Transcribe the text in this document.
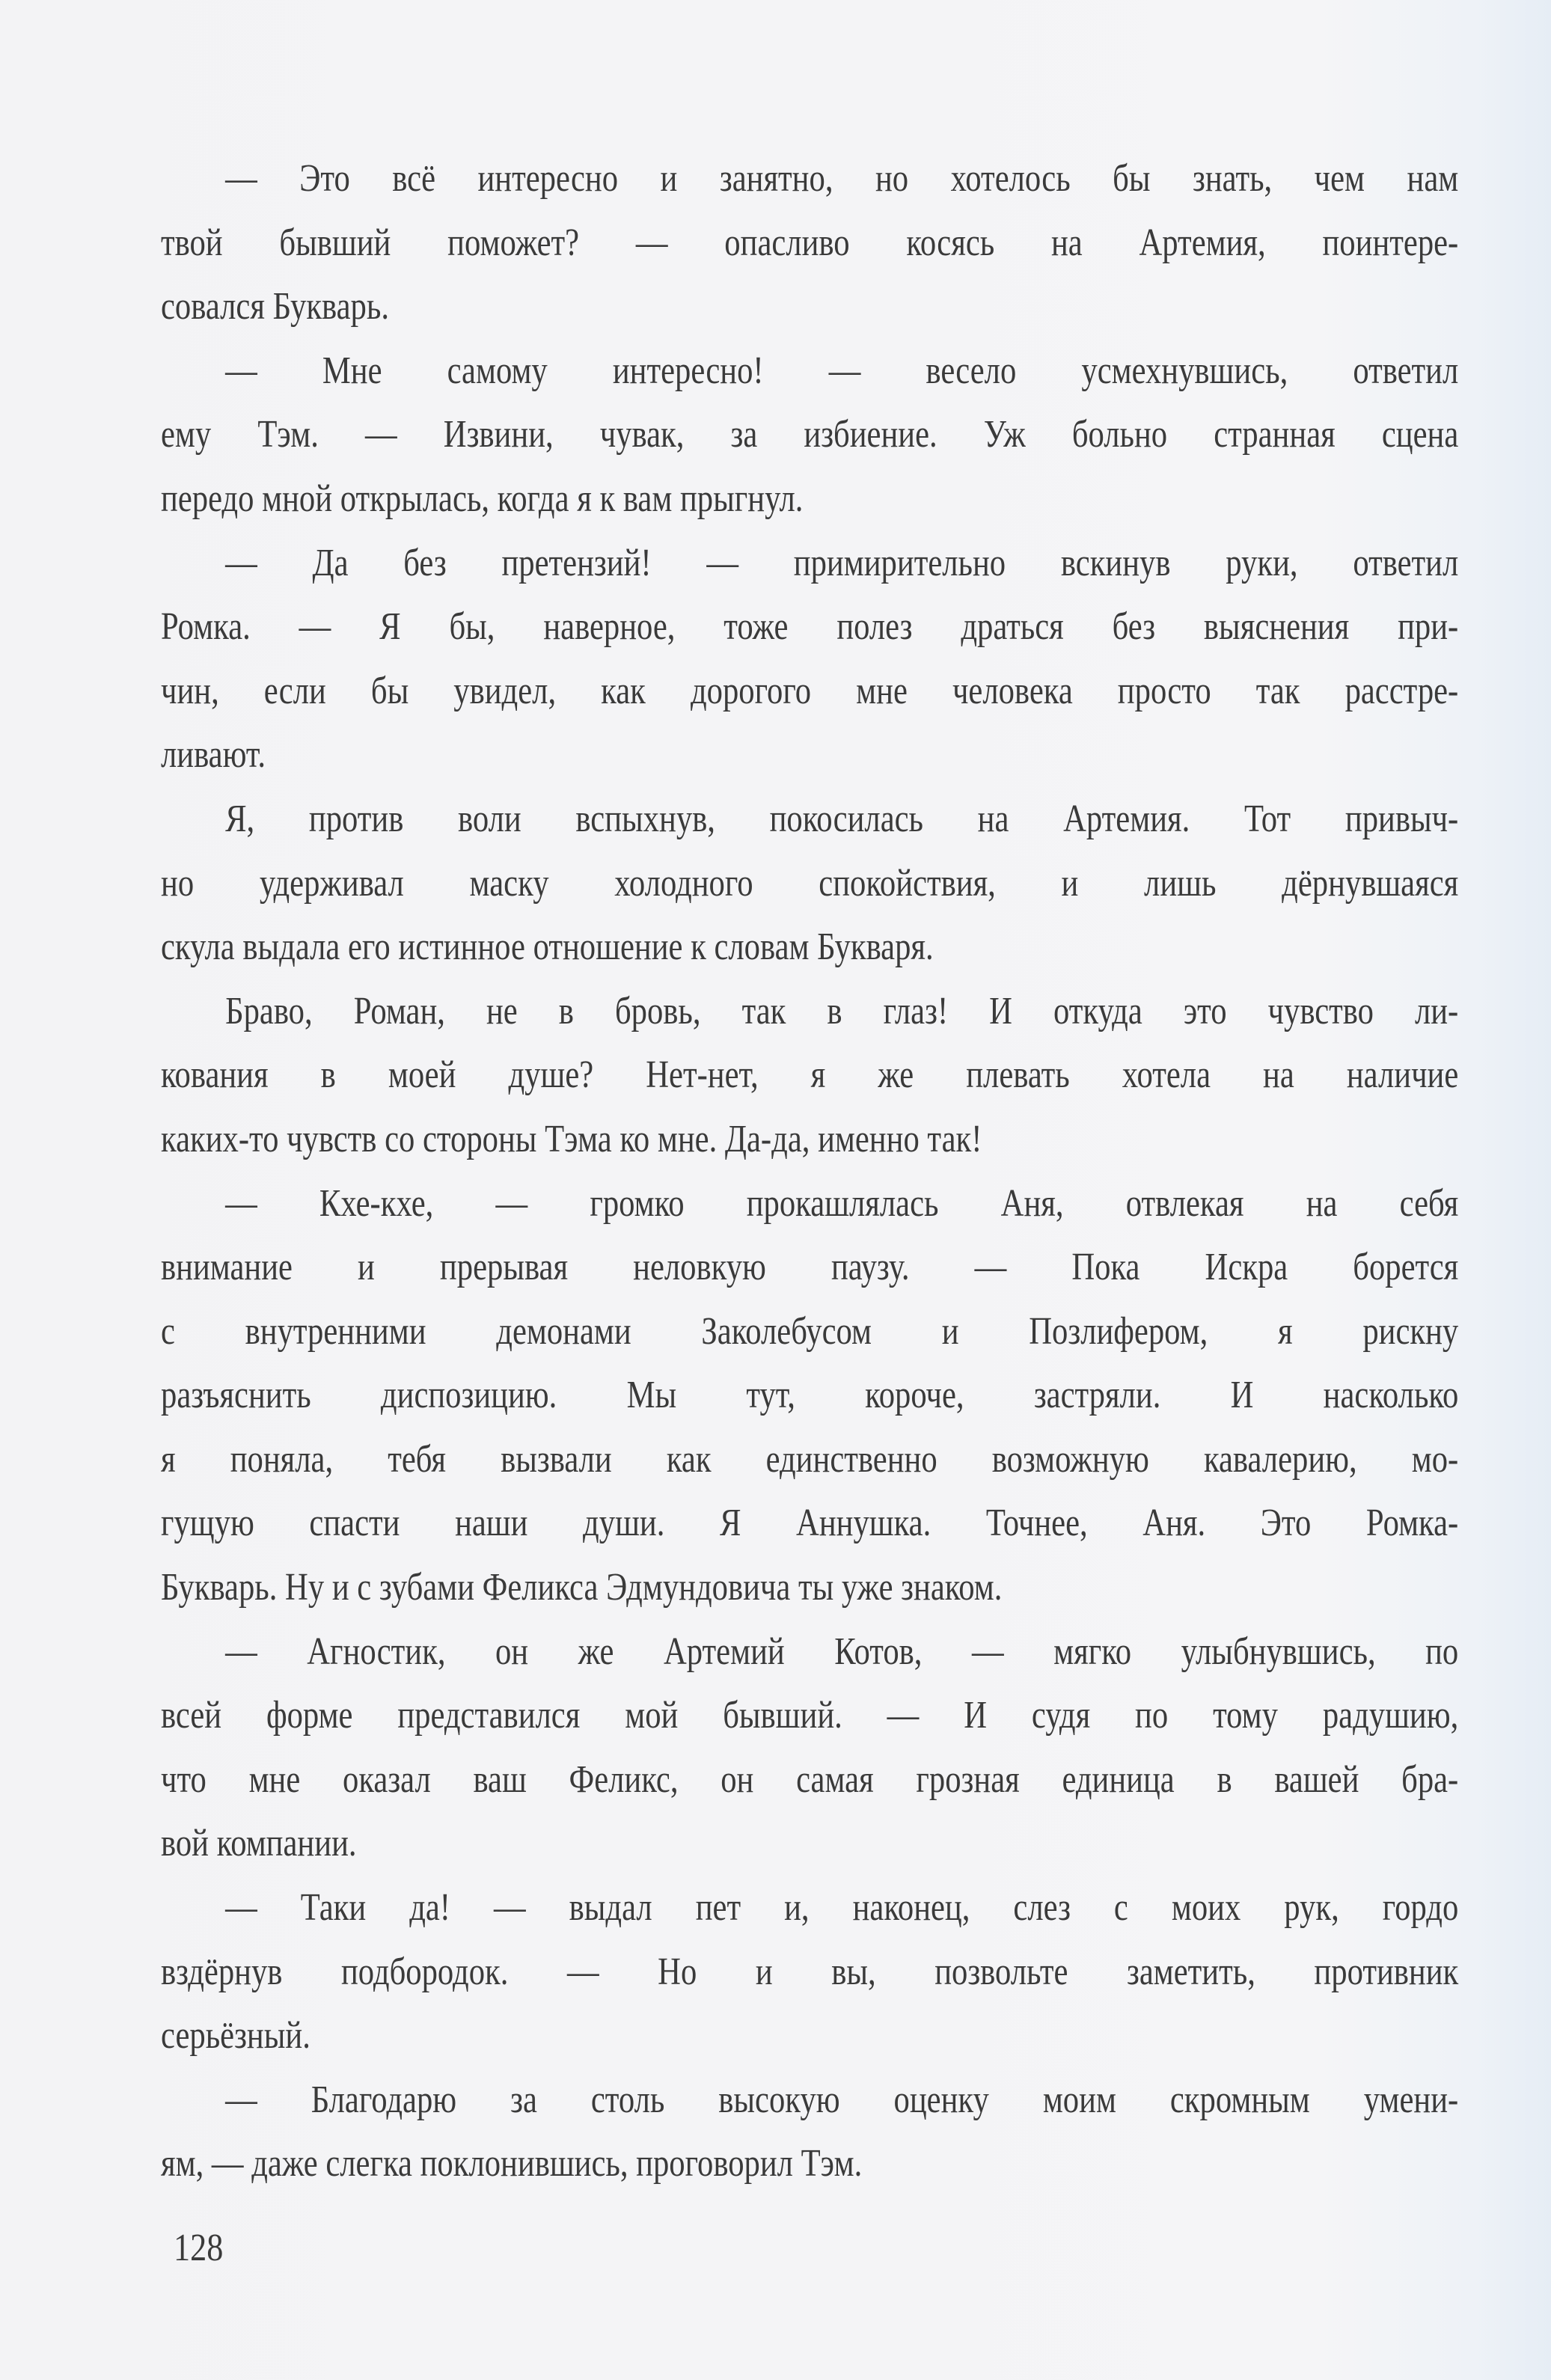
— Это всё интересно и занятно, но хотелось бы знать, чем нам
твой бывший поможет? — опасливо косясь на Артемия, поинтере-
совался Букварь.
— Мне самому интересно! — весело усмехнувшись, ответил
ему Тэм. — Извини, чувак, за избиение. Уж больно странная сцена
передо мной открылась, когда я к вам прыгнул.
— Да без претензий! — примирительно вскинув руки, ответил
Ромка. — Я бы, наверное, тоже полез драться без выяснения при-
чин, если бы увидел, как дорогого мне человека просто так расстре-
ливают.
Я, против воли вспыхнув, покосилась на Артемия. Тот привыч-
но удерживал маску холодного спокойствия, и лишь дёрнувшаяся
скула выдала его истинное отношение к словам Букваря.
Браво, Роман, не в бровь, так в глаз! И откуда это чувство ли-
кования в моей душе? Нет-нет, я же плевать хотела на наличие
каких-то чувств со стороны Тэма ко мне. Да-да, именно так!
— Кхе-кхе, — громко прокашлялась Аня, отвлекая на себя
внимание и прерывая неловкую паузу. — Пока Искра борется
с внутренними демонами Заколебусом и Позлифером, я рискну
разъяснить диспозицию. Мы тут, короче, застряли. И насколько
я поняла, тебя вызвали как единственно возможную кавалерию, мо-
гущую спасти наши души. Я Аннушка. Точнее, Аня. Это Ромка-
Букварь. Ну и с зубами Феликса Эдмундовича ты уже знаком.
— Агностик, он же Артемий Котов, — мягко улыбнувшись, по
всей форме представился мой бывший. — И судя по тому радушию,
что мне оказал ваш Феликс, он самая грозная единица в вашей бра-
вой компании.
— Таки да! — выдал пет и, наконец, слез с моих рук, гордо
вздёрнув подбородок. — Но и вы, позвольте заметить, противник
серьёзный.
— Благодарю за столь высокую оценку моим скромным умени-
ям, — даже слегка поклонившись, проговорил Тэм.
128
